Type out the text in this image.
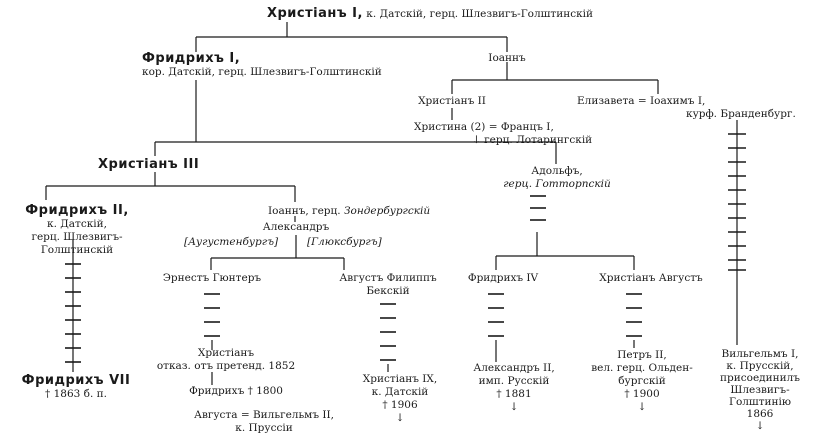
Христіанъ I, к. Датскій, герц. Шлезвигъ-Голштинскій
Фридрихъ I,
кор. Датскій, герц. Шлезвигъ-Голштинскій
Іоаннъ
Христіанъ II	Елизавета = Іоахимъ I,
курф. Бранденбург.
Христина (2) = Францъ I,
↓ герц. Лотарингскій
Христіанъ III	Адольфъ,
герц. Готторпскій
Фридрихъ II,
к. Датскій,
герц. Шлезвигъ-
Голштинскій
Іоаннъ, герц. Зондербургскій
Александръ
[Аугустенбургъ]	[Глюксбургъ]
Эрнестъ Гюнтеръ	Августъ Филиппъ
Бекскій
Фридрихъ IV	Христіанъ Августъ
Христіанъ
отказ. отъ претенд. 1852
Фридрихъ † 1800
Августа = Вильгельмъ II,
к. Пруссіи
Фридрихъ VII
† 1863 б. п.
Христіанъ IX,
к. Датскій
† 1906
↓
Александръ II,
имп. Русскій
† 1881
↓
Петръ II,
вел. герц. Ольден-
бургскій
† 1900
↓
Вильгельмъ I,
к. Прусскій,
присоединилъ
Шлезвигъ-
Голштинію
1866
↓
